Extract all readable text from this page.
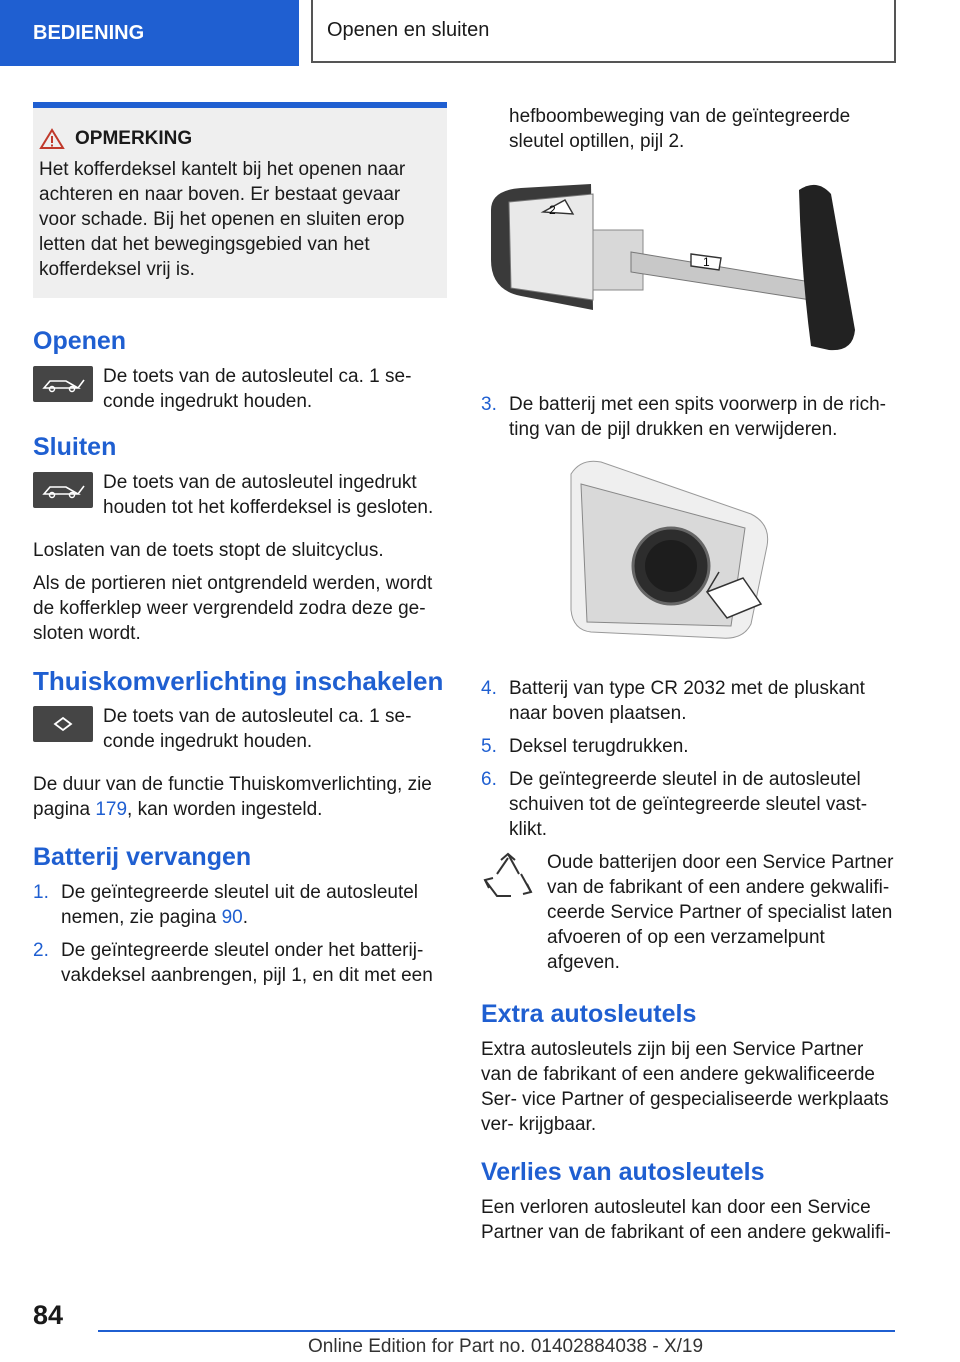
BEDIENING	Openen en sluiten
OPMERKING
Het kofferdeksel kantelt bij het openen naar achteren en naar boven. Er bestaat gevaar voor schade. Bij het openen en sluiten erop letten dat het bewegingsgebied van het kofferdeksel vrij is.
Openen
De toets van de autosleutel ca. 1 se- conde ingedrukt houden.
Sluiten
De toets van de autosleutel ingedrukt houden tot het kofferdeksel is gesloten.

Loslaten van de toets stopt de sluitcyclus.

Als de portieren niet ontgrendeld werden, wordt de kofferklep weer vergrendeld zodra deze ge- sloten wordt.

Thuiskomverlichting inschakelen
De toets van de autosleutel ca. 1 se- conde ingedrukt houden.

De duur van de functie Thuiskomverlichting, zie pagina 179, kan worden ingesteld.

Batterij vervangen
1. De geïntegreerde sleutel uit de autosleutel nemen, zie pagina 90.
2. De geïntegreerde sleutel onder het batterij- vakdeksel aanbrengen, pijl 1, en dit met een
hefboombeweging van de geïntegreerde sleutel optillen, pijl 2.
2
1
3. De batterij met een spits voorwerp in de rich- ting van de pijl drukken en verwijderen.
4. Batterij van type CR 2032 met de pluskant naar boven plaatsen.
5. Deksel terugdrukken.
6. De geïntegreerde sleutel in de autosleutel schuiven tot de geïntegreerde sleutel vast- klikt.
Oude batterijen door een Service Partner van de fabrikant of een andere gekwalifi- ceerde Service Partner of specialist laten afvoeren of op een verzamelpunt afgeven.
Extra autosleutels

Extra autosleutels zijn bij een Service Partner van de fabrikant of een andere gekwalificeerde Ser- vice Partner of gespecialiseerde werkplaats ver- krijgbaar.

Verlies van autosleutels

Een verloren autosleutel kan door een Service Partner van de fabrikant of een andere gekwalifi-

84
Online Edition for Part no. 01402884038 - X/19
